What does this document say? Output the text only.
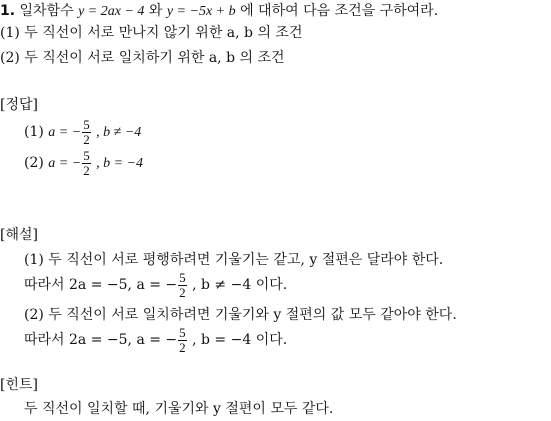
1. 일차함수 y = 2ax − 4 와 y = −5x + b 에 대하여 다음 조건을 구하여라.
(1) 두 직선이 서로 만나지 않기 위한 a, b 의 조건
(2) 두 직선이 서로 일치하기 위한 a, b 의 조건
[정답]
(1) a = − $\frac{5}{2}$ , b ≠ −4
(2) a = − $\frac{5}{2}$ , b = −4
[해설]
(1) 두 직선이 서로 평행하려면 기울기는 같고, y 절편은 달라야 한다.
따라서 2a = −5, a = − $\frac{5}{2}$ , b ≠ −4 이다.
(2) 두 직선이 서로 일치하려면 기울기와 y 절편의 값 모두 같아야 한다.
따라서 2a = −5, a = − $\frac{5}{2}$ , b = −4 이다.
[힌트]
두 직선이 일치할 때, 기울기와 y 절편이 모두 같다.
